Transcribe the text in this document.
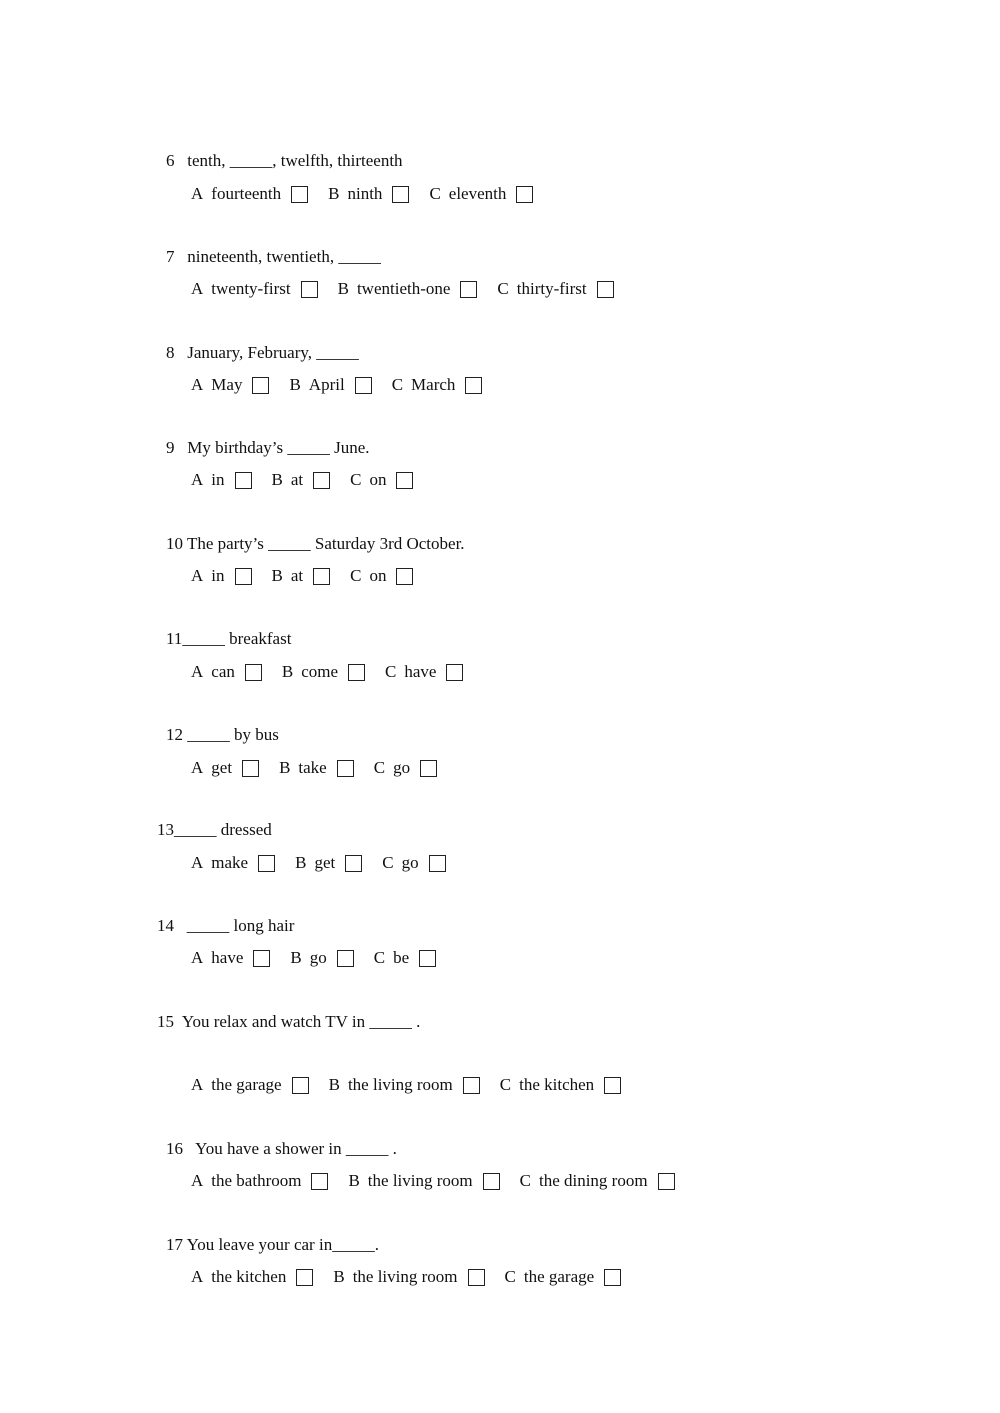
6   tenth, _____, twelfth, thirteenth
A fourteenth	B ninth	C eleventh
7   nineteenth, twentieth, _____
A twenty-first	B twentieth-one	C thirty-first
8   January, February, _____
A May	B April	C March
9   My birthday’s _____ June.
A in	B at	C on
10 The party’s _____ Saturday 3rd October.
A in	B at	C on
11_____ breakfast
A can	B come	C have
12 _____ by bus
A get	B take	C go
13_____ dressed
A make	B get	C go
14   _____ long hair
A have	B go	C be
15  You relax and watch TV in _____ .
A the garage	B the living room	C the kitchen
16   You have a shower in _____ .
A the bathroom	B the living room	C the dining room
17 You leave your car in_____.
A the kitchen	B the living room	C the garage
